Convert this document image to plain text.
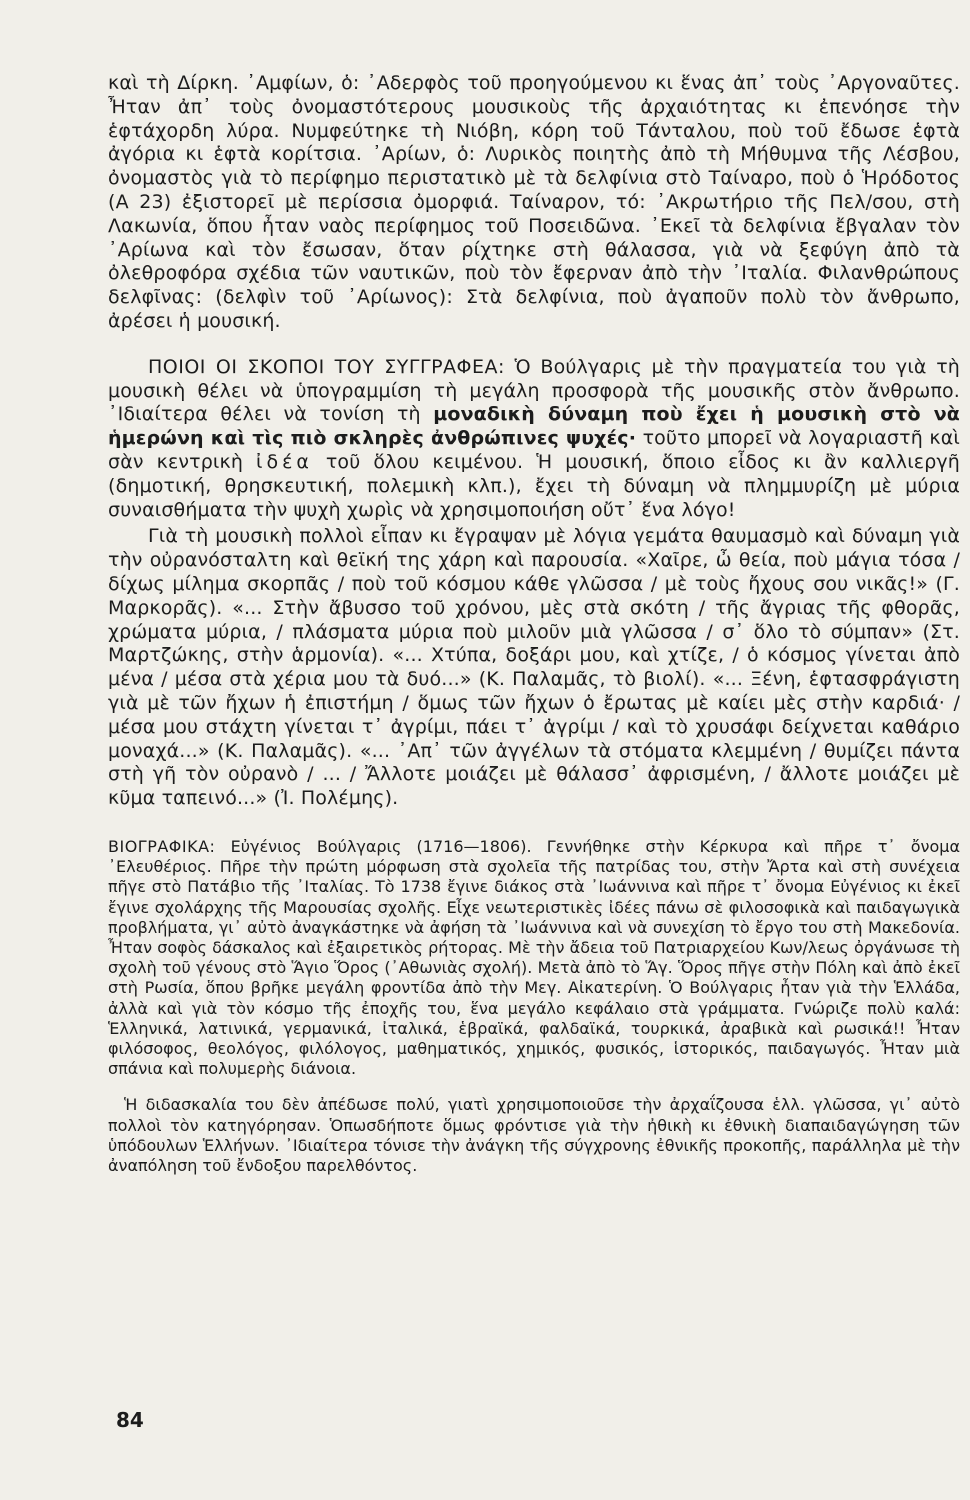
καὶ τὴ Δίρκη. ᾿Αμφίων, ὁ: ᾿Αδερφὸς τοῦ προηγούμενου κι ἕνας ἀπ᾿ τοὺς ᾿Αργοναῦτες. Ἦταν ἀπ᾿ τοὺς ὀνομαστότερους μουσικοὺς τῆς ἀρχαιότητας κι ἐπενόησε τὴν ἑφτάχορδη λύρα. Νυμφεύτηκε τὴ Νιόβη, κόρη τοῦ Τάνταλου, ποὺ τοῦ ἔδωσε ἑφτὰ ἀγόρια κι ἑφτὰ κορίτσια. ᾿Αρίων, ὁ: Λυρικὸς ποιητὴς ἀπὸ τὴ Μήθυμνα τῆς Λέσβου, ὀνομαστὸς γιὰ τὸ περίφημο περιστατικὸ μὲ τὰ δελφίνια στὸ Ταίναρο, ποὺ ὁ Ἡρόδοτος (Α 23) ἐξιστορεῖ μὲ περίσσια ὀμορφιά. Ταίναρον, τό: ᾿Ακρωτήριο τῆς Πελ/σου, στὴ Λακωνία, ὅπου ἦταν ναὸς περίφημος τοῦ Ποσειδῶνα. ᾿Εκεῖ τὰ δελφίνια ἔβγαλαν τὸν ᾿Αρίωνα καὶ τὸν ἔσωσαν, ὅταν ρίχτηκε στὴ θάλασσα, γιὰ νὰ ξεφύγη ἀπὸ τὰ ὀλεθροφόρα σχέδια τῶν ναυτικῶν, ποὺ τὸν ἔφερναν ἀπὸ τὴν ᾿Ιταλία. Φιλανθρώπους δελφῖνας: (δελφὶν τοῦ ᾿Αρίωνος): Στὰ δελφίνια, ποὺ ἀγαποῦν πολὺ τὸν ἄνθρωπο, ἀρέσει ἡ μουσική.

ΠΟΙΟΙ ΟΙ ΣΚΟΠΟΙ ΤΟΥ ΣΥΓΓΡΑΦΕΑ: Ὁ Βούλγαρις μὲ τὴν πραγματεία του γιὰ τὴ μουσικὴ θέλει νὰ ὑπογραμμίση τὴ μεγάλη προσφορὰ τῆς μουσικῆς στὸν ἄνθρωπο. ᾿Ιδιαίτερα θέλει νὰ τονίση τὴ μοναδικὴ δύναμη ποὺ ἔχει ἡ μουσικὴ στὸ νὰ ἡμερώνη καὶ τὶς πιὸ σκληρὲς ἀνθρώπινες ψυχές· τοῦτο μπορεῖ νὰ λογαριαστῆ καὶ σὰν κεντρικὴ ἰδέα τοῦ ὅλου κειμένου. Ἡ μουσική, ὅποιο εἶδος κι ἂν καλλιεργῆ (δημοτική, θρησκευτική, πολεμικὴ κλπ.), ἔχει τὴ δύναμη νὰ πλημμυρίζη μὲ μύρια συναισθήματα τὴν ψυχὴ χωρὶς νὰ χρησιμοποιήση οὔτ᾿ ἕνα λόγο!

Γιὰ τὴ μουσικὴ πολλοὶ εἶπαν κι ἔγραψαν μὲ λόγια γεμάτα θαυμασμὸ καὶ δύναμη γιὰ τὴν οὐρανόσταλτη καὶ θεϊκή της χάρη καὶ παρουσία. «Χαῖρε, ὦ θεία, ποὺ μάγια τόσα / δίχως μίλημα σκορπᾶς / ποὺ τοῦ κόσμου κάθε γλῶσσα / μὲ τοὺς ἤχους σου νικᾶς!» (Γ. Μαρκορᾶς). «... Στὴν ἄβυσσο τοῦ χρόνου, μὲς στὰ σκότη / τῆς ἄγριας τῆς φθορᾶς, χρώματα μύρια, / πλάσματα μύρια ποὺ μιλοῦν μιὰ γλῶσσα / σ᾿ ὅλο τὸ σύμπαν» (Στ. Μαρτζώκης, στὴν ἁρμονία). «... Χτύπα, δοξάρι μου, καὶ χτίζε, / ὁ κόσμος γίνεται ἀπὸ μένα / μέσα στὰ χέρια μου τὰ δυό...» (Κ. Παλαμᾶς, τὸ βιολί). «... Ξένη, ἑφτασφράγιστη γιὰ μὲ τῶν ἤχων ἡ ἐπιστήμη / ὅμως τῶν ἤχων ὁ ἔρωτας μὲ καίει μὲς στὴν καρδιά· / μέσα μου στάχτη γίνεται τ᾿ ἀγρίμι, πάει τ᾿ ἀγρίμι / καὶ τὸ χρυσάφι δείχνεται καθάριο μοναχά...» (Κ. Παλαμᾶς). «... ᾿Απ᾿ τῶν ἀγγέλων τὰ στόματα κλεμμένη / θυμίζει πάντα στὴ γῆ τὸν οὐρανὸ / ... / Ἄλλοτε μοιάζει μὲ θάλασσ᾿ ἀφρισμένη, / ἄλλοτε μοιάζει μὲ κῦμα ταπεινό...» (Ἰ. Πολέμης).

ΒΙΟΓΡΑΦΙΚΑ: Εὐγένιος Βούλγαρις (1716—1806). Γεννήθηκε στὴν Κέρκυρα καὶ πῆρε τ᾿ ὄνομα ᾿Ελευθέριος. Πῆρε τὴν πρώτη μόρφωση στὰ σχολεῖα τῆς πατρίδας του, στὴν Ἄρτα καὶ στὴ συνέχεια πῆγε στὸ Πατάβιο τῆς ᾿Ιταλίας. Τὸ 1738 ἔγινε διάκος στὰ ᾿Ιωάννινα καὶ πῆρε τ᾿ ὄνομα Εὐγένιος κι ἐκεῖ ἔγινε σχολάρχης τῆς Μαρουσίας σχολῆς. Εἶχε νεωτεριστικὲς ἰδέες πάνω σὲ φιλοσοφικὰ καὶ παιδαγωγικὰ προβλήματα, γι᾿ αὐτὸ ἀναγκάστηκε νὰ ἀφήση τὰ ᾿Ιωάννινα καὶ νὰ συνεχίση τὸ ἔργο του στὴ Μακεδονία. Ἦταν σοφὸς δάσκαλος καὶ ἐξαιρετικὸς ρήτορας. Μὲ τὴν ἄδεια τοῦ Πατριαρχείου Κων/λεως ὀργάνωσε τὴ σχολὴ τοῦ γένους στὸ Ἅγιο Ὅρος (᾿Αθωνιὰς σχολή). Μετὰ ἀπὸ τὸ Ἅγ. Ὅρος πῆγε στὴν Πόλη καὶ ἀπὸ ἐκεῖ στὴ Ρωσία, ὅπου βρῆκε μεγάλη φροντίδα ἀπὸ τὴν Μεγ. Αἰκατερίνη. Ὁ Βούλγαρις ἦταν γιὰ τὴν Ἑλλάδα, ἀλλὰ καὶ γιὰ τὸν κόσμο τῆς ἐποχῆς του, ἕνα μεγάλο κεφάλαιο στὰ γράμματα. Γνώριζε πολὺ καλά: Ἑλληνικά, λατινικά, γερμανικά, ἰταλικά, ἑβραϊκά, φαλδαϊκά, τουρκικά, ἀραβικὰ καὶ ρωσικά!! Ἦταν φιλόσοφος, θεολόγος, φιλόλογος, μαθηματικός, χημικός, φυσικός, ἱστορικός, παιδαγωγός. Ἦταν μιὰ σπάνια καὶ πολυμερὴς διάνοια.

Ἡ διδασκαλία του δὲν ἀπέδωσε πολύ, γιατὶ χρησιμοποιοῦσε τὴν ἀρχαΐζουσα ἑλλ. γλῶσσα, γι᾿ αὐτὸ πολλοὶ τὸν κατηγόρησαν. Ὁπωσδήποτε ὅμως φρόντισε γιὰ τὴν ἠθικὴ κι ἐθνικὴ διαπαιδαγώγηση τῶν ὑπόδουλων Ἑλλήνων. ᾿Ιδιαίτερα τόνισε τὴν ἀνάγκη τῆς σύγχρονης ἐθνικῆς προκοπῆς, παράλληλα μὲ τὴν ἀναπόληση τοῦ ἔνδοξου παρελθόντος.

84
